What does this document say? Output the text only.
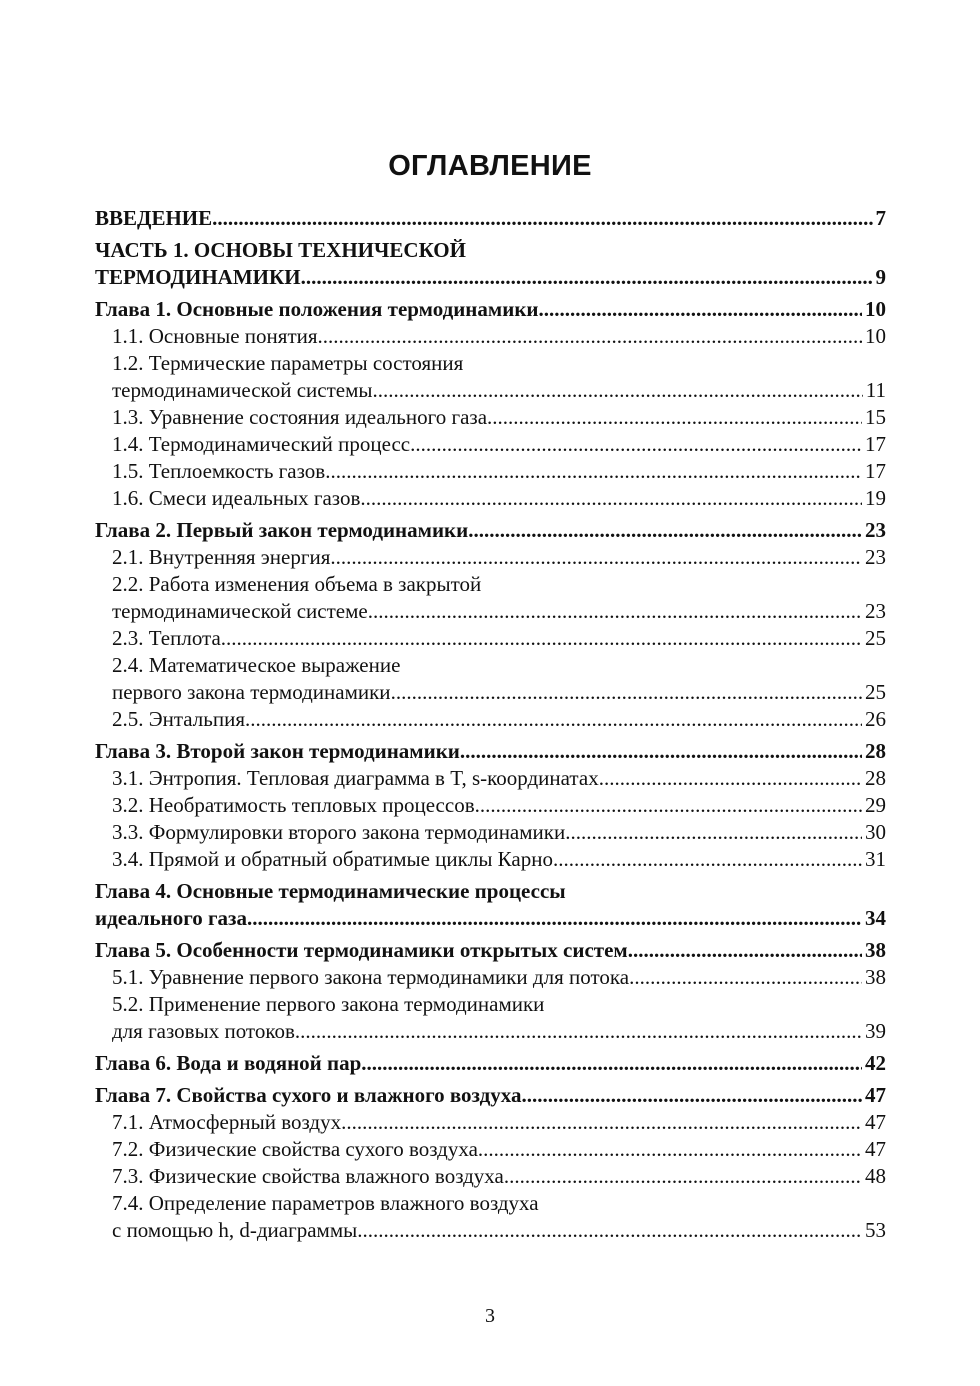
ОГЛАВЛЕНИЕ
ВВЕДЕНИЕ .....	7
ЧАСТЬ 1. ОСНОВЫ ТЕХНИЧЕСКОЙ
ТЕРМОДИНАМИКИ .....	9
Глава 1. Основные положения термодинамики .....	10
1.1. Основные понятия .....	10
1.2. Термические параметры состояния
термодинамической системы .....	11
1.3. Уравнение состояния идеального газа .....	15
1.4. Термодинамический процесс .....	17
1.5. Теплоемкость газов .....	17
1.6. Смеси идеальных газов .....	19
Глава 2. Первый закон термодинамики .....	23
2.1. Внутренняя энергия .....	23
2.2. Работа изменения объема в закрытой
термодинамической системе .....	23
2.3. Теплота .....	25
2.4. Математическое выражение
первого закона термодинамики .....	25
2.5. Энтальпия .....	26
Глава 3. Второй закон термодинамики .....	28
3.1. Энтропия. Тепловая диаграмма в T, s-координатах .....	28
3.2. Необратимость тепловых процессов .....	29
3.3. Формулировки второго закона термодинамики .....	30
3.4. Прямой и обратный обратимые циклы Карно .....	31
Глава 4. Основные термодинамические процессы
идеального газа .....	34
Глава 5. Особенности термодинамики открытых систем .....	38
5.1. Уравнение первого закона термодинамики для потока .....	38
5.2. Применение первого закона термодинамики
для газовых потоков .....	39
Глава 6. Вода и водяной пар .....	42
Глава 7. Свойства сухого и влажного воздуха .....	47
7.1. Атмосферный воздух .....	47
7.2. Физические свойства сухого воздуха .....	47
7.3. Физические свойства влажного воздуха .....	48
7.4. Определение параметров влажного воздуха
с помощью h, d-диаграммы .....	53
3
